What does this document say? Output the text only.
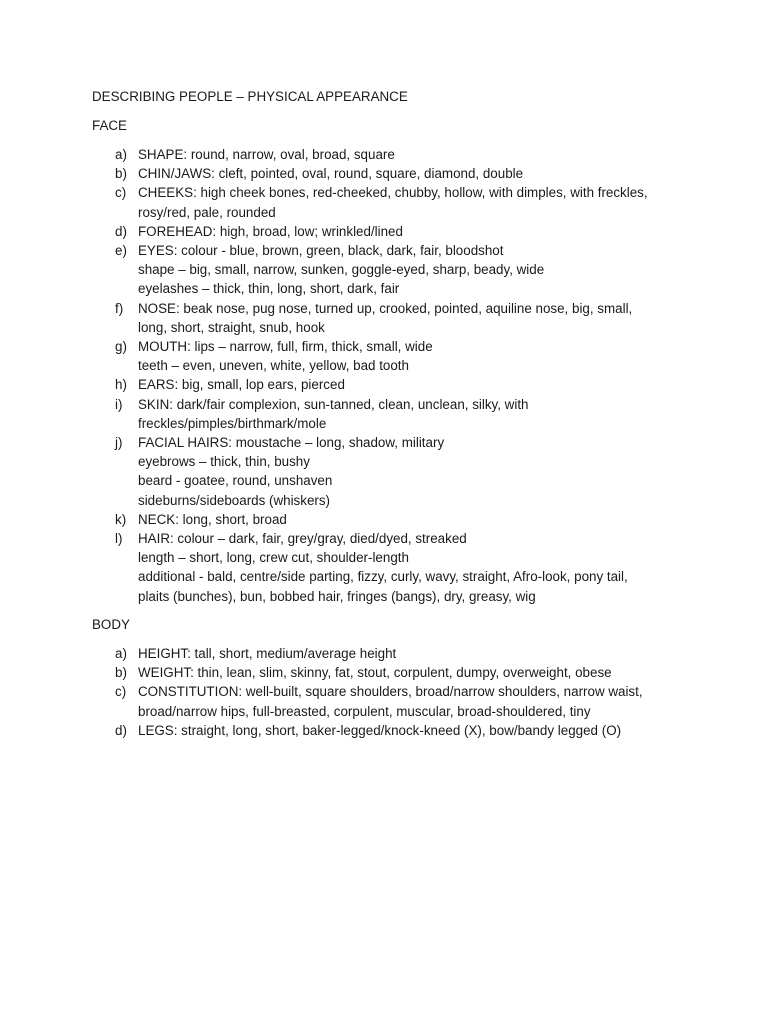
DESCRIBING PEOPLE – PHYSICAL APPEARANCE
FACE
a) SHAPE: round, narrow, oval, broad, square
b) CHIN/JAWS: cleft, pointed, oval, round, square, diamond, double
c) CHEEKS: high cheek bones, red-cheeked, chubby, hollow, with dimples, with freckles,
rosy/red, pale, rounded
d) FOREHEAD: high, broad, low; wrinkled/lined
e) EYES: colour - blue, brown, green, black, dark, fair, bloodshot
shape – big, small, narrow, sunken, goggle-eyed, sharp, beady, wide
eyelashes – thick, thin, long, short, dark, fair
f)	NOSE: beak nose, pug nose, turned up, crooked, pointed, aquiline nose, big, small,
long, short, straight, snub, hook
g) MOUTH: lips – narrow, full, firm, thick, small, wide
teeth – even, uneven, white, yellow, bad tooth
h) EARS: big, small, lop ears, pierced
i)	SKIN: dark/fair complexion, sun-tanned, clean, unclean, silky, with
freckles/pimples/birthmark/mole
j)	FACIAL HAIRS: moustache – long, shadow, military
eyebrows – thick, thin, bushy
beard - goatee, round, unshaven
sideburns/sideboards (whiskers)
k) NECK: long, short, broad
l)	HAIR: colour – dark, fair, grey/gray, died/dyed, streaked
length – short, long, crew cut, shoulder-length
additional - bald, centre/side parting, fizzy, curly, wavy, straight, Afro-look, pony tail,
plaits (bunches), bun, bobbed hair, fringes (bangs), dry, greasy, wig
BODY
a) HEIGHT: tall, short, medium/average height
b) WEIGHT: thin, lean, slim, skinny, fat, stout, corpulent, dumpy, overweight, obese
c) CONSTITUTION: well-built, square shoulders, broad/narrow shoulders, narrow waist,
broad/narrow hips, full-breasted, corpulent, muscular, broad-shouldered, tiny
d) LEGS: straight, long, short, baker-legged/knock-kneed (X), bow/bandy legged (O)
